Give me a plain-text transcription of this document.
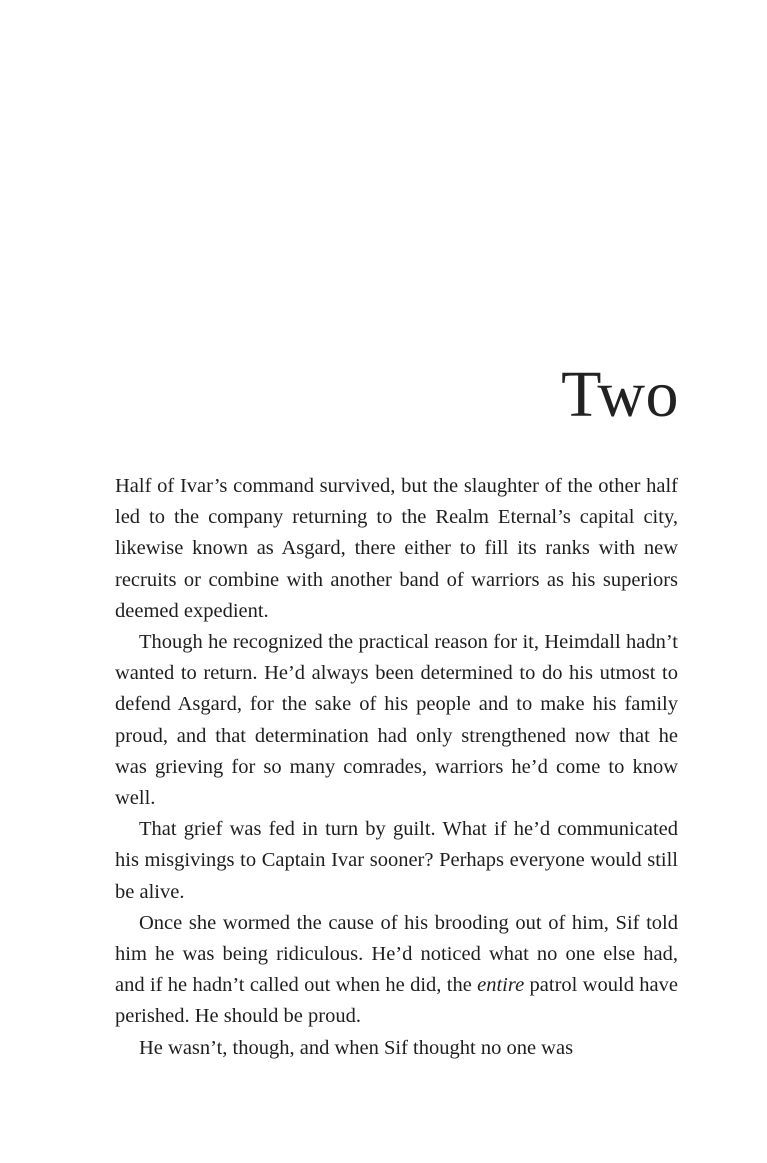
Two

Half of Ivar’s command survived, but the slaughter of the other half led to the company returning to the Realm Eternal’s capital city, likewise known as Asgard, there either to fill its ranks with new recruits or combine with another band of warriors as his superiors deemed expedient.

Though he recognized the practical reason for it, Heimdall hadn’t wanted to return. He’d always been determined to do his utmost to defend Asgard, for the sake of his people and to make his family proud, and that determination had only strengthened now that he was grieving for so many comrades, warriors he’d come to know well.

That grief was fed in turn by guilt. What if he’d communicated his misgivings to Captain Ivar sooner? Perhaps everyone would still be alive.

Once she wormed the cause of his brooding out of him, Sif told him he was being ridiculous. He’d noticed what no one else had, and if he hadn’t called out when he did, the entire patrol would have perished. He should be proud.

He wasn’t, though, and when Sif thought no one was
